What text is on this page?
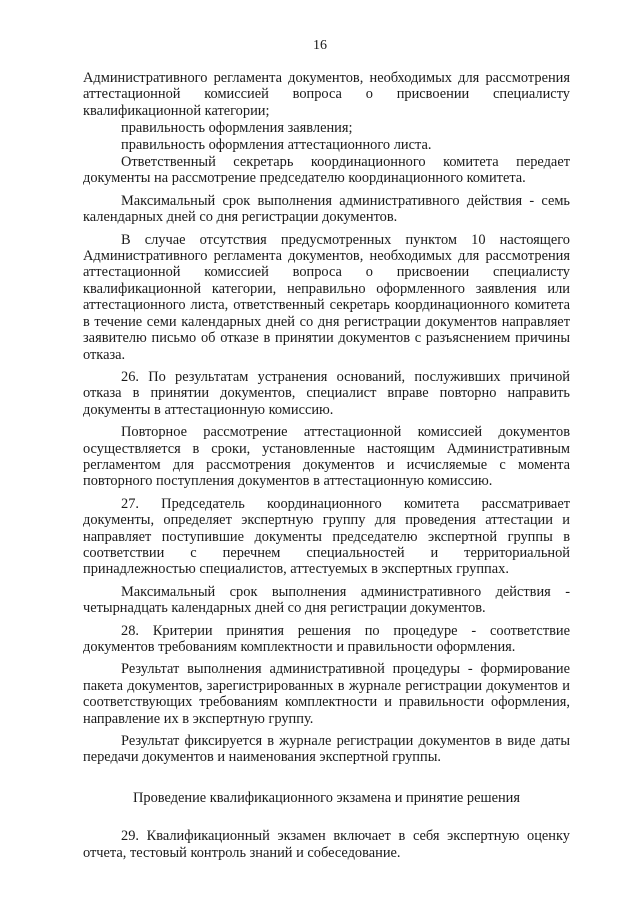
16

Административного регламента документов, необходимых для рассмотрения аттестационной комиссией вопроса о присвоении специалисту квалификационной категории;

правильность оформления заявления;

правильность оформления аттестационного листа.

Ответственный секретарь координационного комитета передает документы на рассмотрение председателю координационного комитета.

Максимальный срок выполнения административного действия - семь календарных дней со дня регистрации документов.

В случае отсутствия предусмотренных пунктом 10 настоящего Административного регламента документов, необходимых для рассмотрения аттестационной комиссией вопроса о присвоении специалисту квалификационной категории, неправильно оформленного заявления или аттестационного листа, ответственный секретарь координационного комитета в течение семи календарных дней со дня регистрации документов направляет заявителю письмо об отказе в принятии документов с разъяснением причины отказа.

26. По результатам устранения оснований, послуживших причиной отказа в принятии документов, специалист вправе повторно направить документы в аттестационную комиссию.

Повторное рассмотрение аттестационной комиссией документов осуществляется в сроки, установленные настоящим Административным регламентом для рассмотрения документов и исчисляемые с момента повторного поступления документов в аттестационную комиссию.

27. Председатель координационного комитета рассматривает документы, определяет экспертную группу для проведения аттестации и направляет поступившие документы председателю экспертной группы в соответствии с перечнем специальностей и территориальной принадлежностью специалистов, аттестуемых в экспертных группах.

Максимальный срок выполнения административного действия - четырнадцать календарных дней со дня регистрации документов.

28. Критерии принятия решения по процедуре - соответствие документов требованиям комплектности и правильности оформления.

Результат выполнения административной процедуры - формирование пакета документов, зарегистрированных в журнале регистрации документов и соответствующих требованиям комплектности и правильности оформления, направление их в экспертную группу.

Результат фиксируется в журнале регистрации документов в виде даты передачи документов и наименования экспертной группы.

Проведение квалификационного экзамена и принятие решения

29. Квалификационный экзамен включает в себя экспертную оценку отчета, тестовый контроль знаний и собеседование.
